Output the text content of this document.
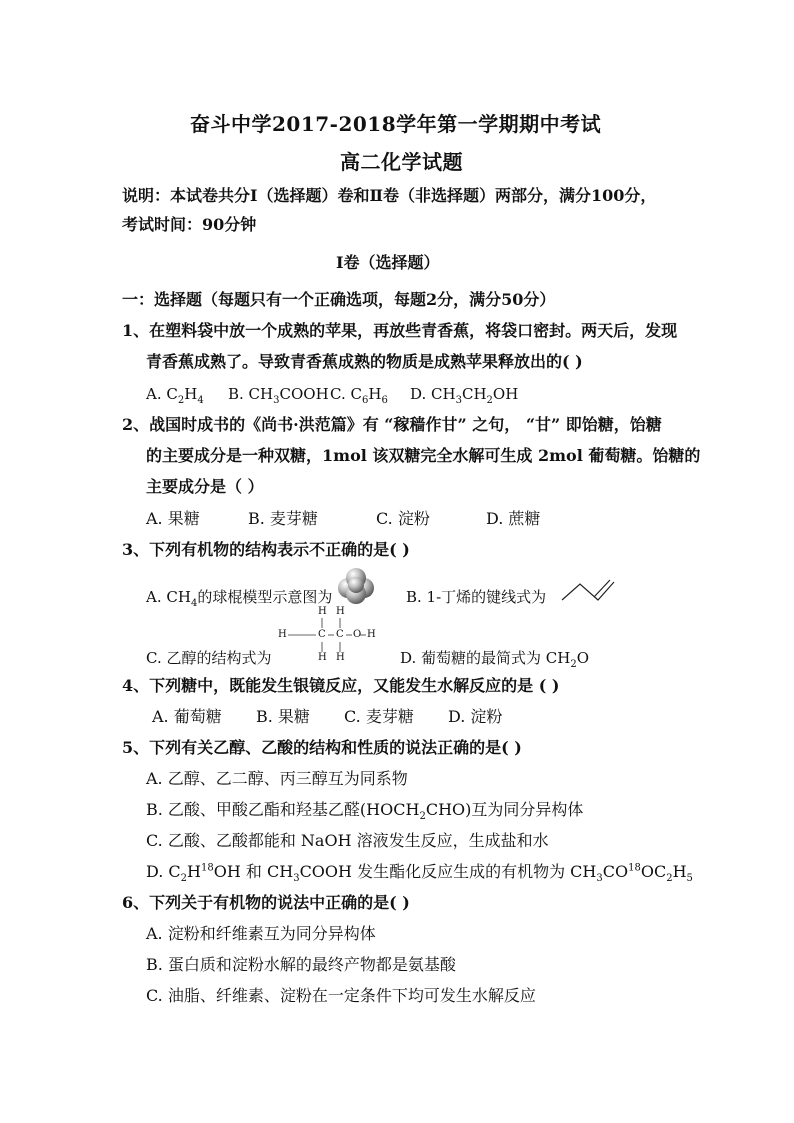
奋斗中学2017-2018学年第一学期期中考试
高二化学试题
说明：本试卷共分Ⅰ（选择题）卷和Ⅱ卷（非选择题）两部分，满分100分，
考试时间：90分钟
Ⅰ卷（选择题）
一：选择题（每题只有一个正确选项，每题2分，满分50分）
1、在塑料袋中放一个成熟的苹果，再放些青香蕉，将袋口密封。两天后，发现
青香蕉成熟了。导致青香蕉成熟的物质是成熟苹果释放出的( )
A. $C_2H_4$ B. $CH_3COOH$ C. $C_6H_6$ D. $CH_3CH_2OH$
2、战国时成书的《尚书·洪范篇》有 “稼穑作甘” 之句， “甘” 即饴糖，饴糖
的主要成分是一种双糖，1mol 该双糖完全水解可生成 2mol 葡萄糖。饴糖的
主要成分是（ ）
A. 果糖	B. 麦芽糖	C. 淀粉	D. 蔗糖
3、下列有机物的结构表示不正确的是( )
A. $CH_4$的球棍模型示意图为	B. 1-丁烯的键线式为
H H
H	C C O H
H H
C. 乙醇的结构式为	D. 葡萄糖的最简式为 $CH_2O$
4、下列糖中，既能发生银镜反应，又能发生水解反应的是 ( )
A. 葡萄糖 B. 果糖 C. 麦芽糖 D. 淀粉
5、下列有关乙醇、乙酸的结构和性质的说法正确的是( )
A. 乙醇、乙二醇、丙三醇互为同系物
B. 乙酸、甲酸乙酯和羟基乙醛$(HOCH_2CHO)$互为同分异构体
C. 乙酸、乙酸都能和 NaOH 溶液发生反应，生成盐和水
D. $C_2H^{18}OH$ 和 $CH_3COOH$ 发生酯化反应生成的有机物为 $CH_3CO^{18}OC_2H_5$
6、下列关于有机物的说法中正确的是( )
A. 淀粉和纤维素互为同分异构体
B. 蛋白质和淀粉水解的最终产物都是氨基酸
C. 油脂、纤维素、淀粉在一定条件下均可发生水解反应
